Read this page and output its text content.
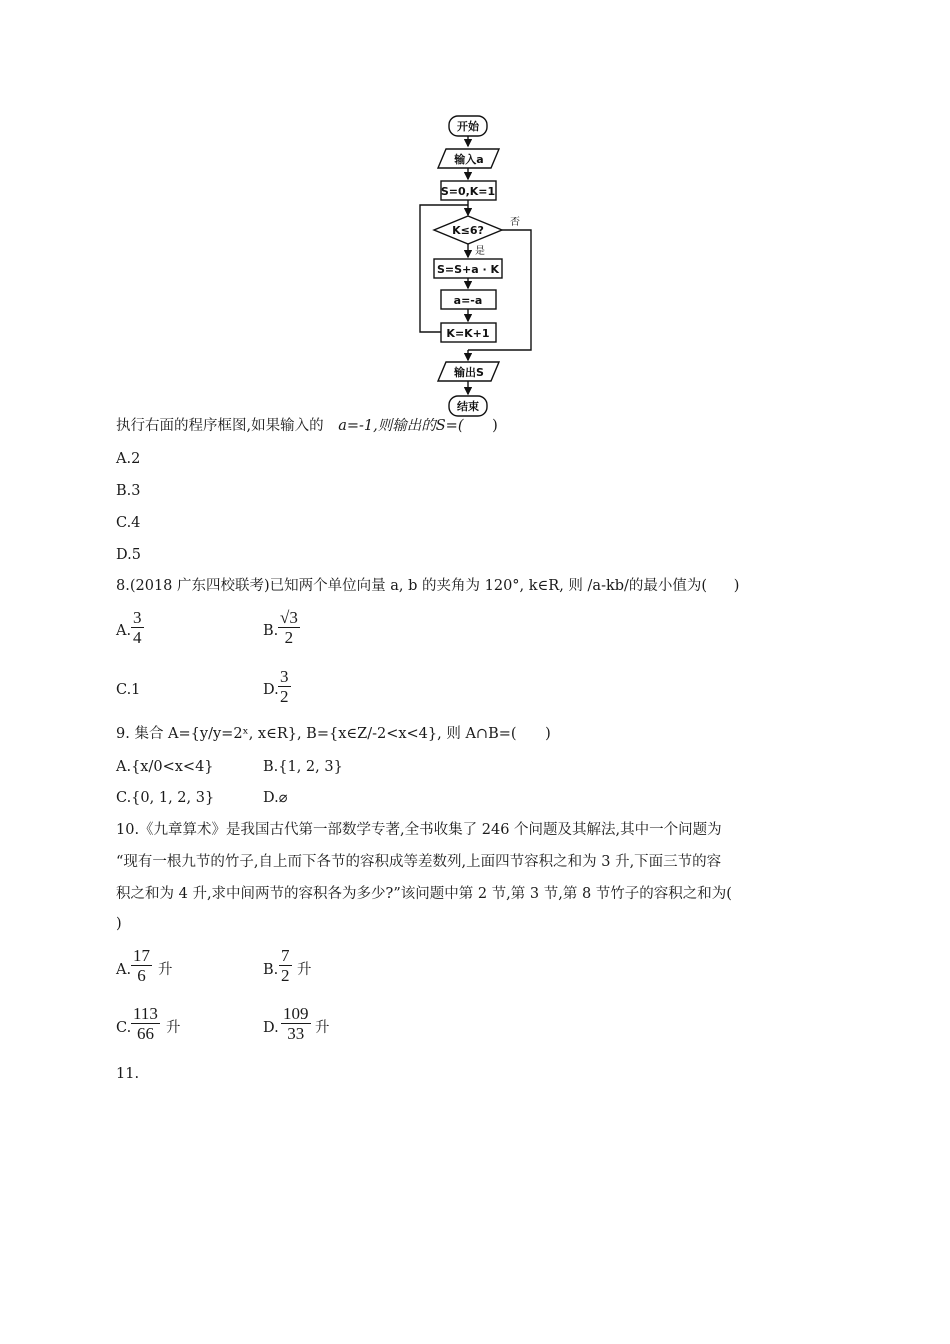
开始
输入a
S=0,K=1
K≤6?
是
否
S=S+a · K
a=-a
K=K+1
输出S
结束
执行右面的程序框图,如果输入的 a=-1,则输出的S=( )
A.2
B.3
C.4
D.5
8.(2018 广东四校联考)已知两个单位向量 a, b 的夹角为 120°, k∈R, 则 /a-kb/的最小值为( )
A. $\frac{3}{4}$	B. $\frac{√3}{2}$
C.1	D. $\frac{3}{2}$
9. 集合 A={y/y=2ˣ, x∈R}, B={x∈Z/-2<x<4}, 则 A∩B=( )
A.{x/0<x<4}	B.{1, 2, 3}
C.{0, 1, 2, 3}	D.⌀
10.《九章算术》是我国古代第一部数学专著,全书收集了 246 个问题及其解法,其中一个问题为
“现有一根九节的竹子,自上而下各节的容积成等差数列,上面四节容积之和为 3 升,下面三节的容
积之和为 4 升,求中间两节的容积各为多少?”该问题中第 2 节,第 3 节,第 8 节竹子的容积之和为(
)
A. $\frac{17}{6}$ 升	B. $\frac{7}{2}$ 升
C. $\frac{113}{66}$ 升	D. $\frac{109}{33}$ 升
11.
